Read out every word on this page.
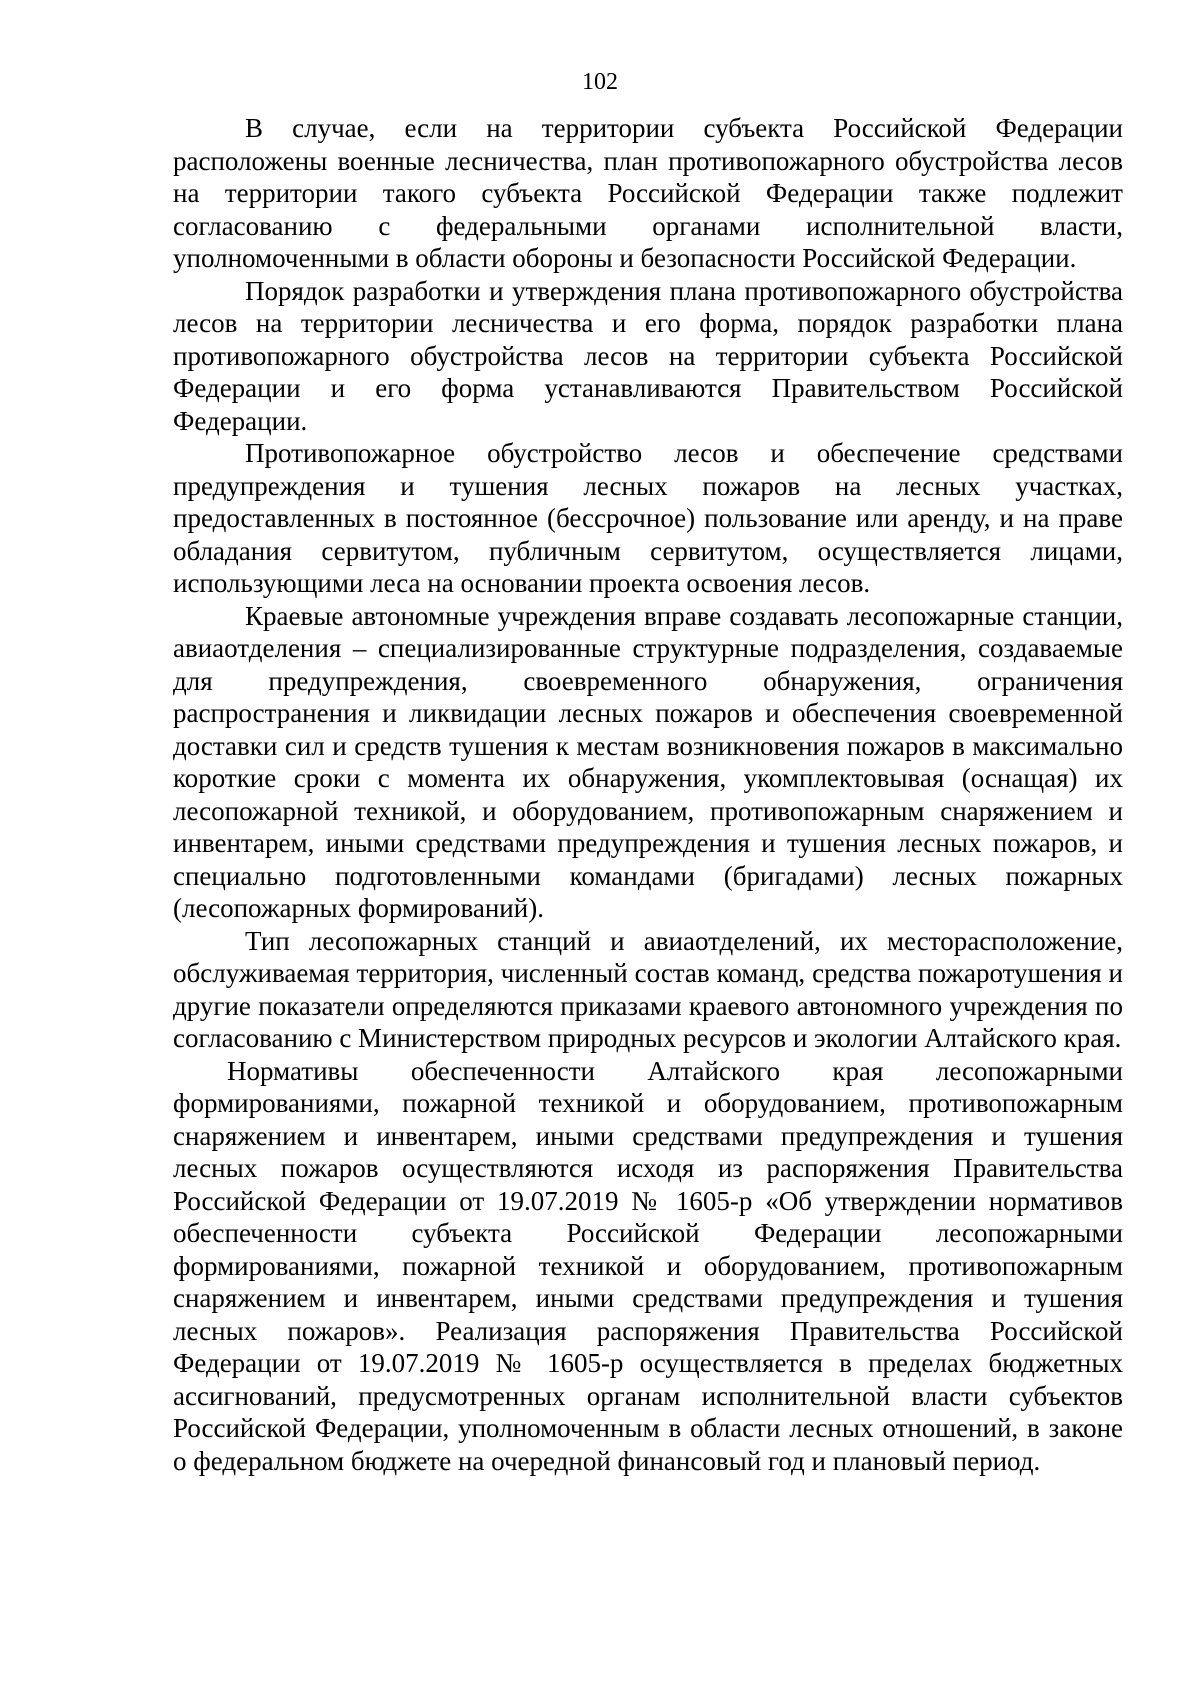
102

В случае, если на территории субъекта Российской Федерации расположены военные лесничества, план противопожарного обустройства лесов на территории такого субъекта Российской Федерации также подлежит согласованию с федеральными органами исполнительной власти, уполномоченными в области обороны и безопасности Российской Федерации.

Порядок разработки и утверждения плана противопожарного обустройства лесов на территории лесничества и его форма, порядок разработки плана противопожарного обустройства лесов на территории субъекта Российской Федерации и его форма устанавливаются Правительством Российской Федерации.

Противопожарное обустройство лесов и обеспечение средствами предупреждения и тушения лесных пожаров на лесных участках, предоставленных в постоянное (бессрочное) пользование или аренду, и на праве обладания сервитутом, публичным сервитутом, осуществляется лицами, использующими леса на основании проекта освоения лесов.

Краевые автономные учреждения вправе создавать лесопожарные станции, авиаотделения – специализированные структурные подразделения, создаваемые для предупреждения, своевременного обнаружения, ограничения распространения и ликвидации лесных пожаров и обеспечения своевременной доставки сил и средств тушения к местам возникновения пожаров в максимально короткие сроки с момента их обнаружения, укомплектовывая (оснащая) их лесопожарной техникой, и оборудованием, противопожарным снаряжением и инвентарем, иными средствами предупреждения и тушения лесных пожаров, и специально подготовленными командами (бригадами) лесных пожарных (лесопожарных формирований).

Тип лесопожарных станций и авиаотделений, их месторасположение, обслуживаемая территория, численный состав команд, средства пожаротушения и другие показатели определяются приказами краевого автономного учреждения по согласованию с Министерством природных ресурсов и экологии Алтайского края.

Нормативы обеспеченности Алтайского края лесопожарными формированиями, пожарной техникой и оборудованием, противопожарным снаряжением и инвентарем, иными средствами предупреждения и тушения лесных пожаров осуществляются исходя из распоряжения Правительства Российской Федерации от 19.07.2019 № 1605-р «Об утверждении нормативов обеспеченности субъекта Российской Федерации лесопожарными формированиями, пожарной техникой и оборудованием, противопожарным снаряжением и инвентарем, иными средствами предупреждения и тушения лесных пожаров». Реализация распоряжения Правительства Российской Федерации от 19.07.2019 № 1605-р осуществляется в пределах бюджетных ассигнований, предусмотренных органам исполнительной власти субъектов Российской Федерации, уполномоченным в области лесных отношений, в законе о федеральном бюджете на очередной финансовый год и плановый период.
